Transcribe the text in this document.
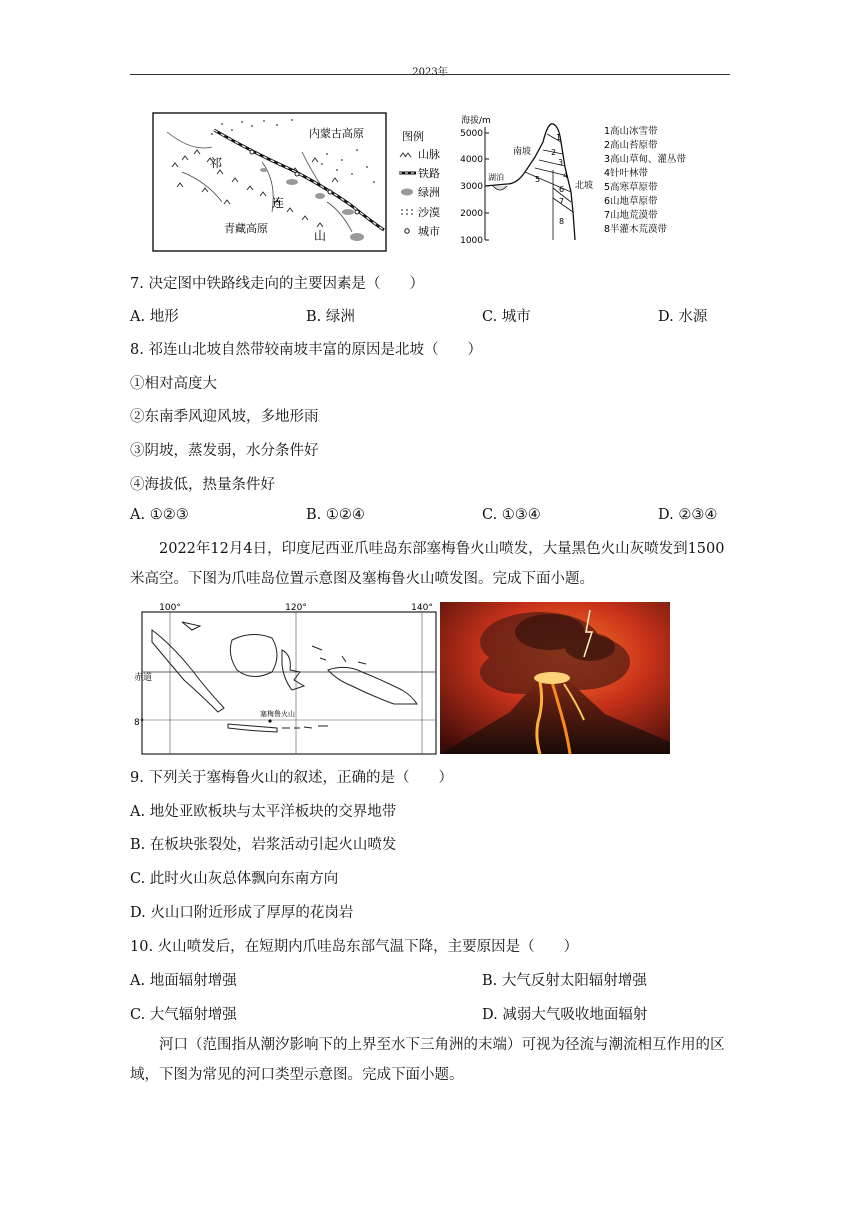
2023年
内蒙古高原
青藏高原
祁
连
山
图例
山脉
铁路
绿洲
沙漠
城市
海拔/m
5000
4000
3000
2000
1000
湖泊
南坡
北坡
1
2
3
4
5
6
7
8
1高山冰雪带
2高山苔原带
3高山草甸、灌丛带
4针叶林带
5高寒草原带
6山地草原带
7山地荒漠带
8半灌木荒漠带
7. 决定图中铁路线走向的主要因素是（　　）
A. 地形	B. 绿洲	C. 城市	D. 水源
8. 祁连山北坡自然带较南坡丰富的原因是北坡（　　）
①相对高度大
②东南季风迎风坡，多地形雨
③阴坡，蒸发弱，水分条件好
④海拔低，热量条件好
A. ①②③	B. ①②④	C. ①③④	D. ②③④
2022年12月4日，印度尼西亚爪哇岛东部塞梅鲁火山喷发，大量黑色火山灰喷发到1500米高空。下图为爪哇岛位置示意图及塞梅鲁火山喷发图。完成下面小题。
100°	120°	140°
赤道
8°
塞梅鲁火山
9. 下列关于塞梅鲁火山的叙述，正确的是（　　）
A. 地处亚欧板块与太平洋板块的交界地带
B. 在板块张裂处，岩浆活动引起火山喷发
C. 此时火山灰总体飘向东南方向
D. 火山口附近形成了厚厚的花岗岩
10. 火山喷发后，在短期内爪哇岛东部气温下降，主要原因是（　　）
A. 地面辐射增强	B. 大气反射太阳辐射增强
C. 大气辐射增强	D. 减弱大气吸收地面辐射
河口（范围指从潮汐影响下的上界至水下三角洲的末端）可视为径流与潮流相互作用的区域，下图为常见的河口类型示意图。完成下面小题。
